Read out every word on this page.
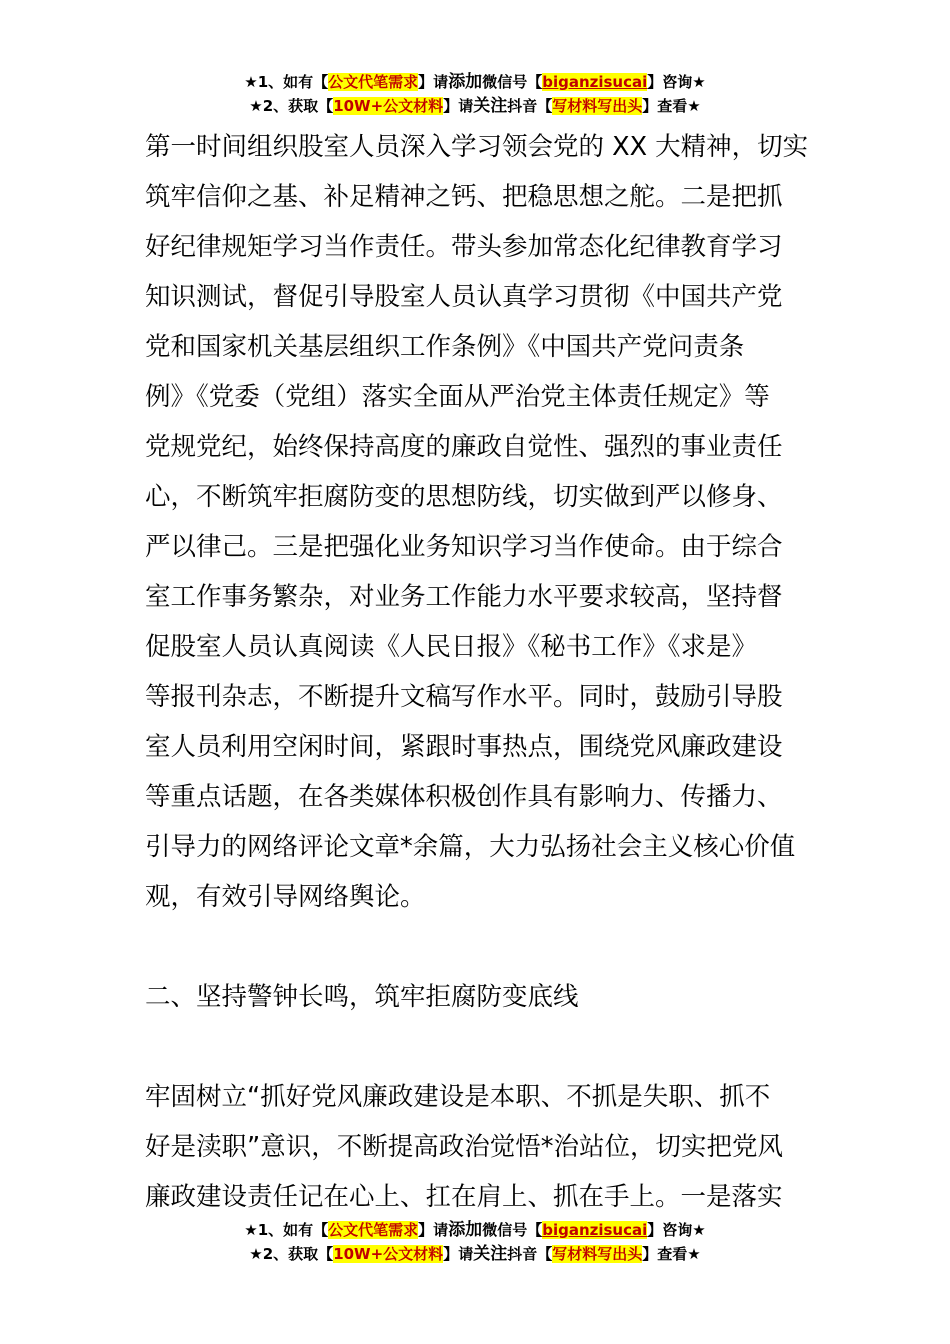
★1、如有【公文代笔需求】请添加微信号【biganzisucai】咨询★
★2、获取【10W+公文材料】请关注抖音【写材料写出头】查看★

第一时间组织股室人员深入学习领会党的 XX 大精神，切实

筑牢信仰之基、补足精神之钙、把稳思想之舵。二是把抓

好纪律规矩学习当作责任。带头参加常态化纪律教育学习

知识测试，督促引导股室人员认真学习贯彻《中国共产党

党和国家机关基层组织工作条例》《中国共产党问责条

例》《党委（党组）落实全面从严治党主体责任规定》等

党规党纪，始终保持高度的廉政自觉性、强烈的事业责任

心，不断筑牢拒腐防变的思想防线，切实做到严以修身、

严以律己。三是把强化业务知识学习当作使命。由于综合

室工作事务繁杂，对业务工作能力水平要求较高，坚持督

促股室人员认真阅读《人民日报》《秘书工作》《求是》

等报刊杂志，不断提升文稿写作水平。同时，鼓励引导股

室人员利用空闲时间，紧跟时事热点，围绕党风廉政建设

等重点话题，在各类媒体积极创作具有影响力、传播力、

引导力的网络评论文章*余篇，大力弘扬社会主义核心价值

观，有效引导网络舆论。

二、坚持警钟长鸣，筑牢拒腐防变底线

牢固树立“抓好党风廉政建设是本职、不抓是失职、抓不

好是渎职”意识，不断提高政治觉悟*治站位，切实把党风

廉政建设责任记在心上、扛在肩上、抓在手上。一是落实

★1、如有【公文代笔需求】请添加微信号【biganzisucai】咨询★
★2、获取【10W+公文材料】请关注抖音【写材料写出头】查看★
